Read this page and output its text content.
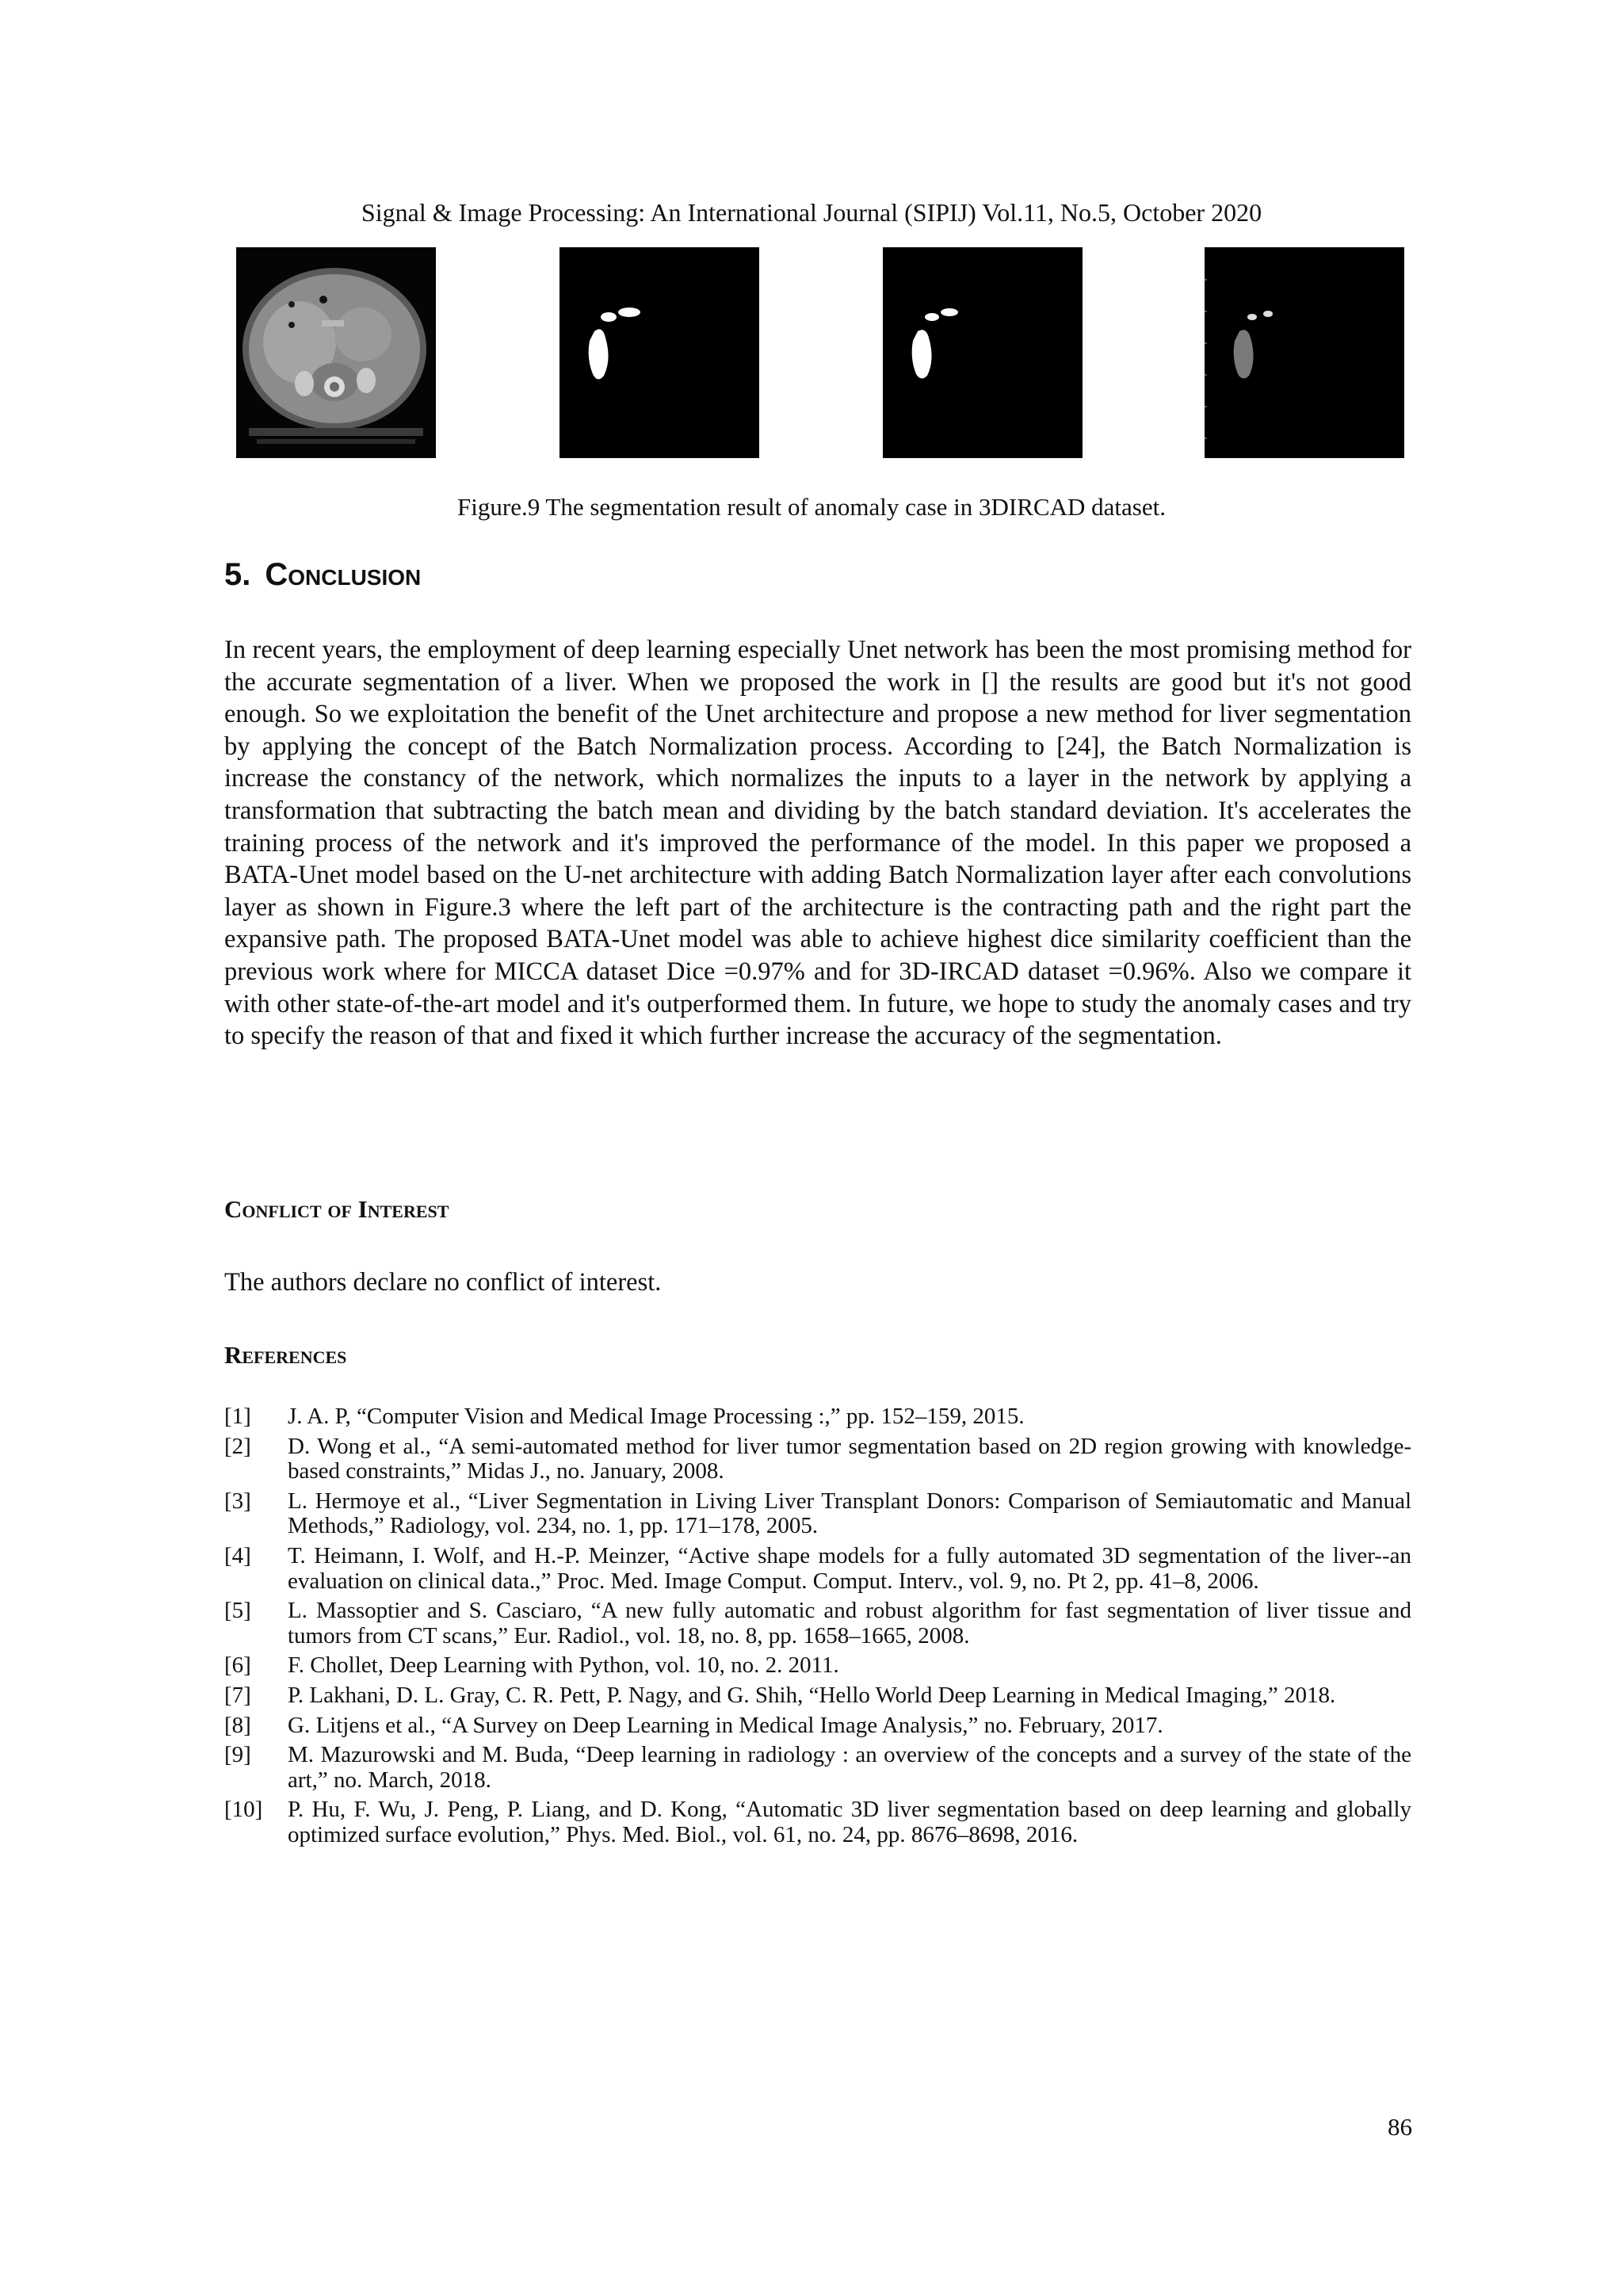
Signal & Image Processing: An International Journal (SIPIJ) Vol.11, No.5, October 2020
Figure.9 The segmentation result of anomaly case in 3DIRCAD dataset.
5. Conclusion
In recent years, the employment of deep learning especially Unet network has been the most promising method for the accurate segmentation of a liver. When we proposed the work in [] the results are good but it's not good enough. So we exploitation the benefit of the Unet architecture and propose a new method for liver segmentation by applying the concept of the Batch Normalization process. According to [24], the Batch Normalization is increase the constancy of the network, which normalizes the inputs to a layer in the network by applying a transformation that subtracting the batch mean and dividing by the batch standard deviation. It's accelerates the training process of the network and it's improved the performance of the model. In this paper we proposed a BATA-Unet model based on the U-net architecture with adding Batch Normalization layer after each convolutions layer as shown in Figure.3 where the left part of the architecture is the contracting path and the right part the expansive path. The proposed BATA-Unet model was able to achieve highest dice similarity coefficient than the previous work where for MICCA dataset Dice =0.97% and for 3D-IRCAD dataset =0.96%. Also we compare it with other state-of-the-art model and it's outperformed them. In future, we hope to study the anomaly cases and try to specify the reason of that and fixed it which further increase the accuracy of the segmentation.
Conflict of Interest
The authors declare no conflict of interest.
References
[1]	J. A. P, “Computer Vision and Medical Image Processing :,” pp. 152–159, 2015.
[2]	D. Wong et al., “A semi-automated method for liver tumor segmentation based on 2D region growing with knowledge-based constraints,” Midas J., no. January, 2008.
[3]	L. Hermoye et al., “Liver Segmentation in Living Liver Transplant Donors: Comparison of Semiautomatic and Manual Methods,” Radiology, vol. 234, no. 1, pp. 171–178, 2005.
[4]	T. Heimann, I. Wolf, and H.-P. Meinzer, “Active shape models for a fully automated 3D segmentation of the liver--an evaluation on clinical data.,” Proc. Med. Image Comput. Comput. Interv., vol. 9, no. Pt 2, pp. 41–8, 2006.
[5]	L. Massoptier and S. Casciaro, “A new fully automatic and robust algorithm for fast segmentation of liver tissue and tumors from CT scans,” Eur. Radiol., vol. 18, no. 8, pp. 1658–1665, 2008.
[6]	F. Chollet, Deep Learning with Python, vol. 10, no. 2. 2011.
[7]	P. Lakhani, D. L. Gray, C. R. Pett, P. Nagy, and G. Shih, “Hello World Deep Learning in Medical Imaging,” 2018.
[8]	G. Litjens et al., “A Survey on Deep Learning in Medical Image Analysis,” no. February, 2017.
[9]	M. Mazurowski and M. Buda, “Deep learning in radiology : an overview of the concepts and a survey of the state of the art,” no. March, 2018.
[10]	P. Hu, F. Wu, J. Peng, P. Liang, and D. Kong, “Automatic 3D liver segmentation based on deep learning and globally optimized surface evolution,” Phys. Med. Biol., vol. 61, no. 24, pp. 8676–8698, 2016.
86
